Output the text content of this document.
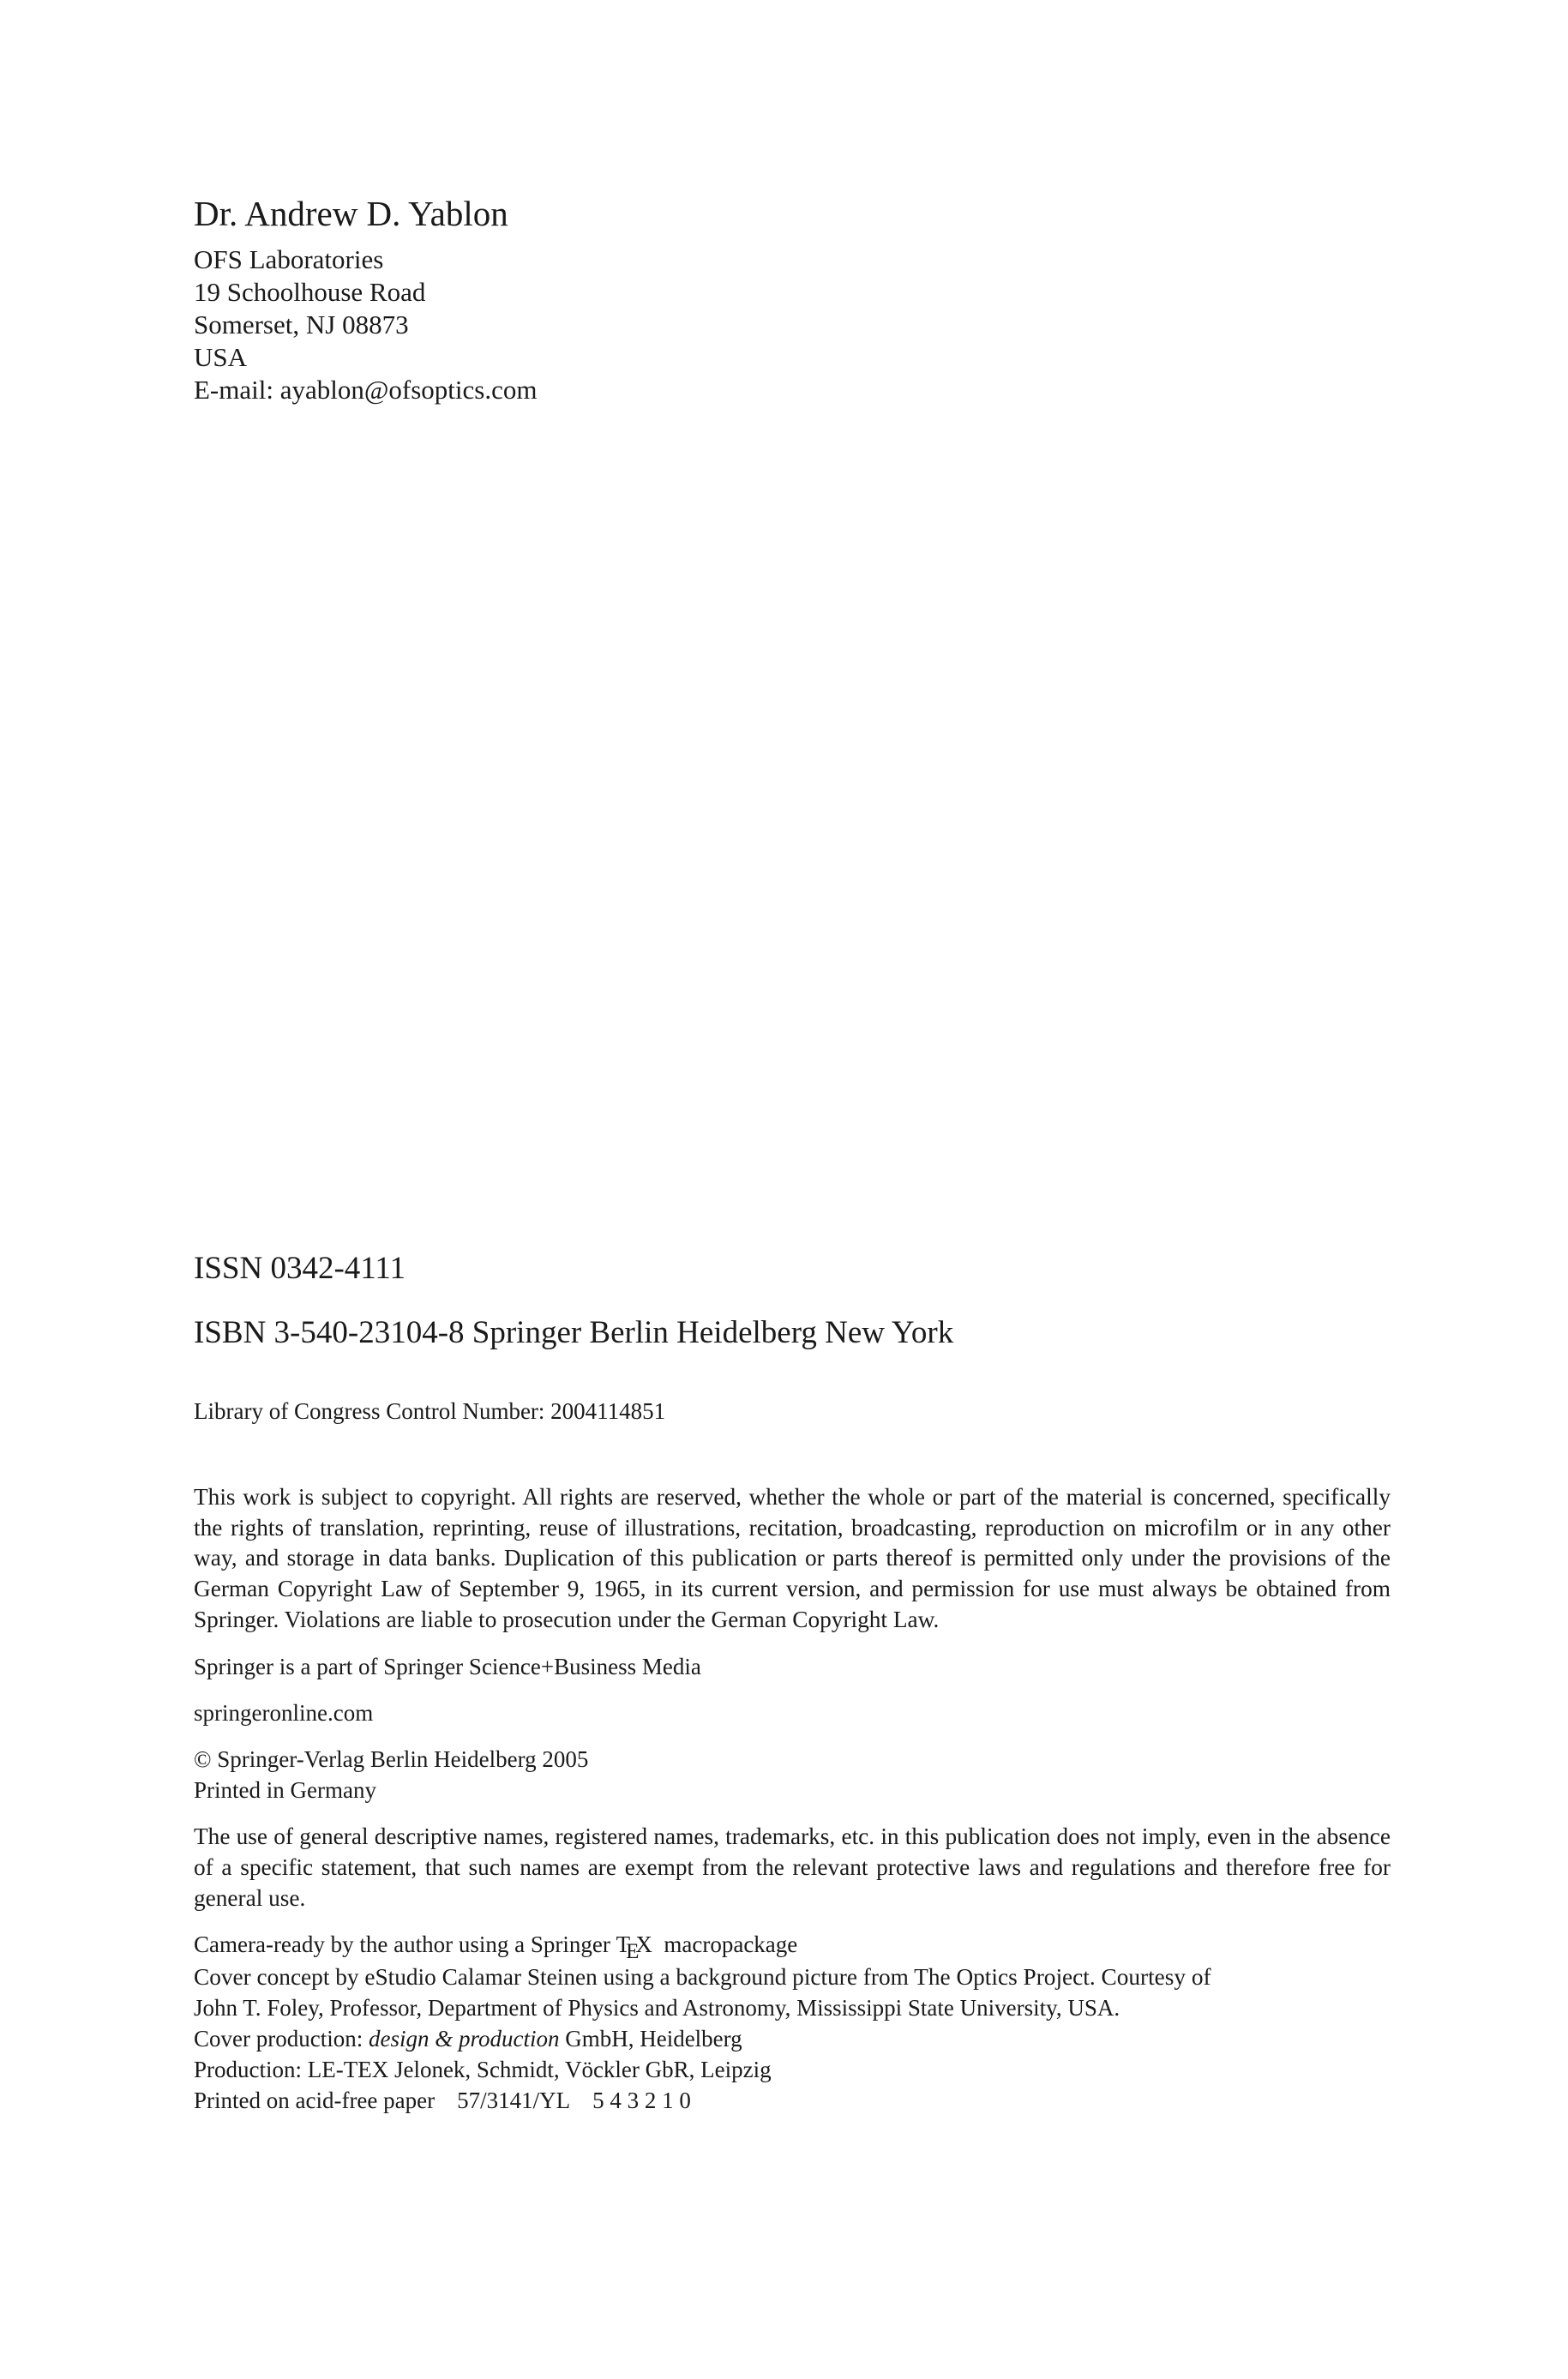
Dr. Andrew D. Yablon
OFS Laboratories
19 Schoolhouse Road
Somerset, NJ 08873
USA
E-mail: ayablon@ofsoptics.com
ISSN 0342-4111
ISBN 3-540-23104-8 Springer Berlin Heidelberg New York
Library of Congress Control Number: 2004114851
This work is subject to copyright. All rights are reserved, whether the whole or part of the material is concerned, specifically the rights of translation, reprinting, reuse of illustrations, recitation, broadcasting, reproduction on microfilm or in any other way, and storage in data banks. Duplication of this publication or parts thereof is permitted only under the provisions of the German Copyright Law of September 9, 1965, in its current version, and permission for use must always be obtained from Springer. Violations are liable to prosecution under the German Copyright Law.
Springer is a part of Springer Science+Business Media
springeronline.com
© Springer-Verlag Berlin Heidelberg 2005
Printed in Germany
The use of general descriptive names, registered names, trademarks, etc. in this publication does not imply, even in the absence of a specific statement, that such names are exempt from the relevant protective laws and regulations and therefore free for general use.
Camera-ready by the author using a Springer TEX macropackage
Cover concept by eStudio Calamar Steinen using a background picture from The Optics Project. Courtesy of
John T. Foley, Professor, Department of Physics and Astronomy, Mississippi State University, USA.
Cover production: design & production GmbH, Heidelberg
Production: LE-TEX Jelonek, Schmidt, Vöckler GbR, Leipzig
Printed on acid-free paper 57/3141/YL 5 4 3 2 1 0
